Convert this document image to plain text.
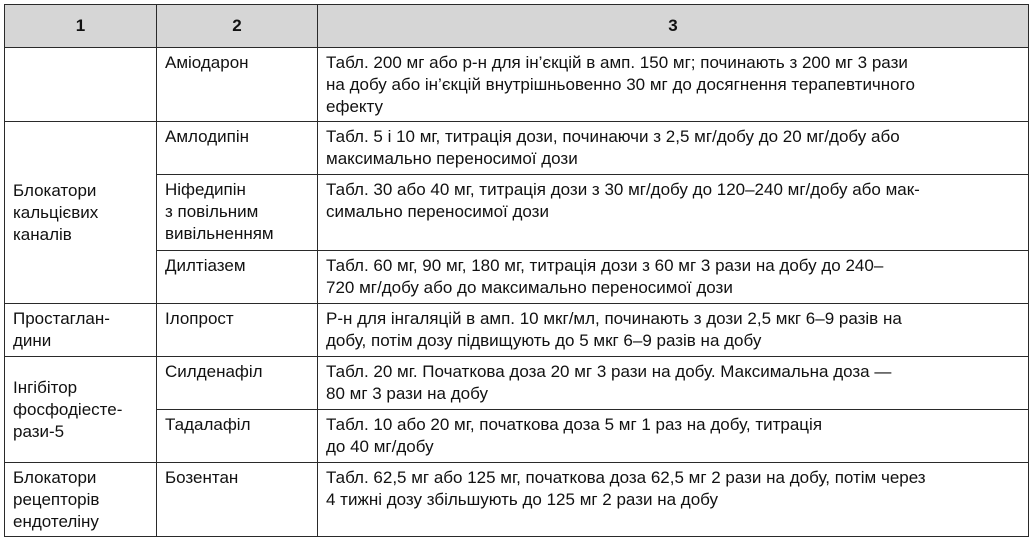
1	2	3

	Аміодарон	Табл. 200 мг або р-н для ін’єкцій в амп. 150 мг; починають з 200 мг 3 рази
на добу або ін’єкцій внутрішньовенно 30 мг до досягнення терапевтичного
ефекту

Блокатори
кальцієвих
каналів	Амлодипін	Табл. 5 і 10 мг, титрація дози, починаючи з 2,5 мг/добу до 20 мг/добу або
максимально переносимої дози

	Ніфедипін
з повільним
вивільненням	Табл. 30 або 40 мг, титрація дози з 30 мг/добу до 120–240 мг/добу або мак-
симально переносимої дози

	Дилтіазем	Табл. 60 мг, 90 мг, 180 мг, титрація дози з 60 мг 3 рази на добу до 240–
720 мг/добу або до максимально переносимої дози

Простаглан-
дини	Ілопрост	Р-н для інгаляцій в амп. 10 мкг/мл, починають з дози 2,5 мкг 6–9 разів на
добу, потім дозу підвищують до 5 мкг 6–9 разів на добу

Інгібітор
фосфодіесте-
рази-5	Силденафіл	Табл. 20 мг. Початкова доза 20 мг 3 рази на добу. Максимальна доза —
80 мг 3 рази на добу

	Тадалафіл	Табл. 10 або 20 мг, початкова доза 5 мг 1 раз на добу, титрація
до 40 мг/добу

Блокатори
рецепторів
ендотеліну	Бозентан	Табл. 62,5 мг або 125 мг, початкова доза 62,5 мг 2 рази на добу, потім через
4 тижні дозу збільшують до 125 мг 2 рази на добу
